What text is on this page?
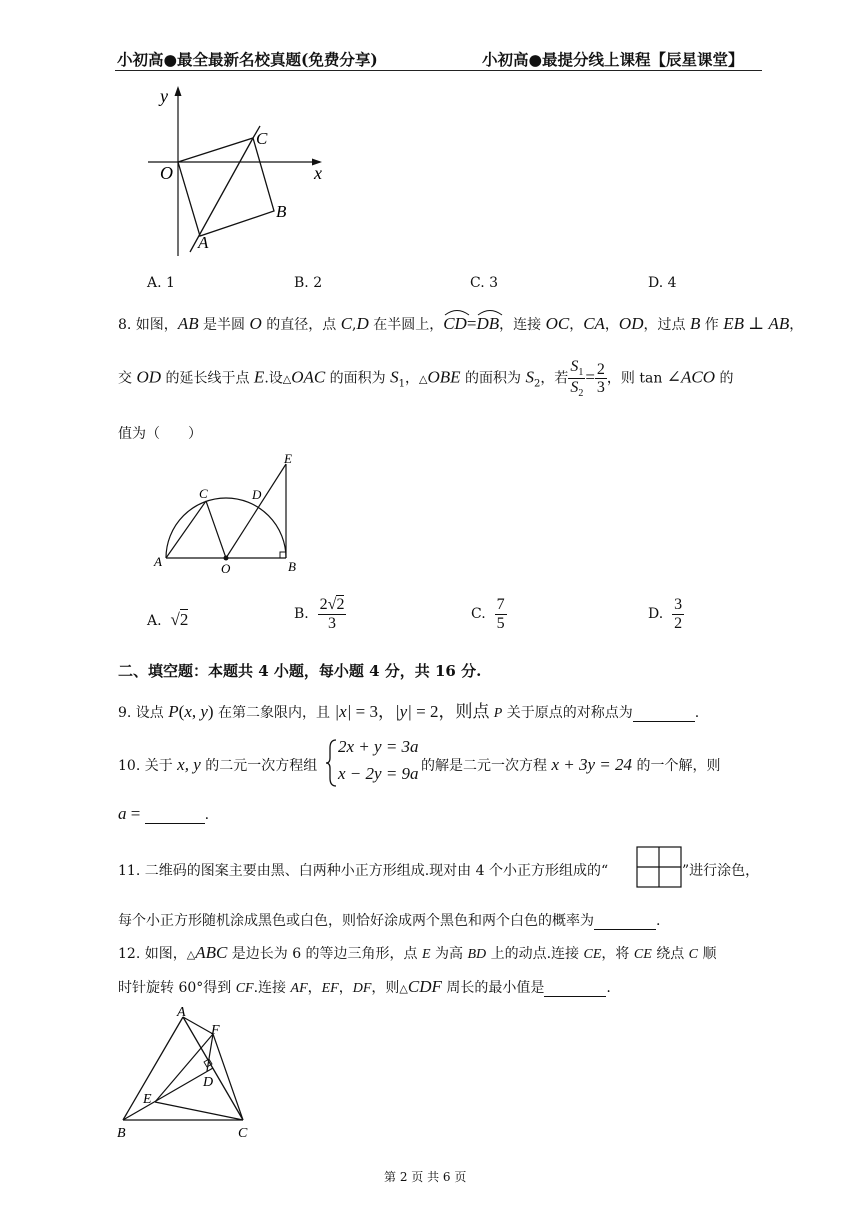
小初高●最全最新名校真题(免费分享)	小初高●最提分线上课程【辰星课堂】
y
x
O
C
B
A
A. 1	B. 2	C. 3	D. 4
8. 如图，AB 是半圆 O 的直径，点 C,D 在半圆上，
CD=
DB，连接 OC，CA，OD，过点 B 作 EB ⊥ AB，
交 OD 的延长线于点 E.设△OAC 的面积为 $S_1$，△OBE 的面积为 $S_2$，若 $\frac{S_1}{S_2} = \frac{2}{3}$ ，则 tan ∠ACO 的
值为（　　）
E
C	D
A	O	B
A. √2	B. $\frac{2√2}{3}$	C. $\frac{7}{5}$	D. $\frac{3}{2}$
二、填空题：本题共 4 小题，每小题 4 分，共 16 分.
9. 设点 P(x, y) 在第二象限内，且 |x| = 3，|y| = 2，则点 P 关于原点的对称点为	.
10. 关于 x, y 的二元一次方程组
2x + y = 3a
x − 2y = 9a 的解是二元一次方程 x + 3y = 24 的一个解，则
a =	.
11. 二维码的图案主要由黑、白两种小正方形组成.现对由 4 个小正方形组成的“	”进行涂色，
每个小正方形随机涂成黑色或白色，则恰好涂成两个黑色和两个白色的概率为	.
12. 如图，△ABC 是边长为 6 的等边三角形，点 E 为高 BD 上的动点.连接 CE，将 CE 绕点 C 顺
时针旋转 60°得到 CF.连接 AF，EF，DF，则△CDF 周长的最小值是	.
A
F
D
E
B	C
第 2 页 共 6 页
